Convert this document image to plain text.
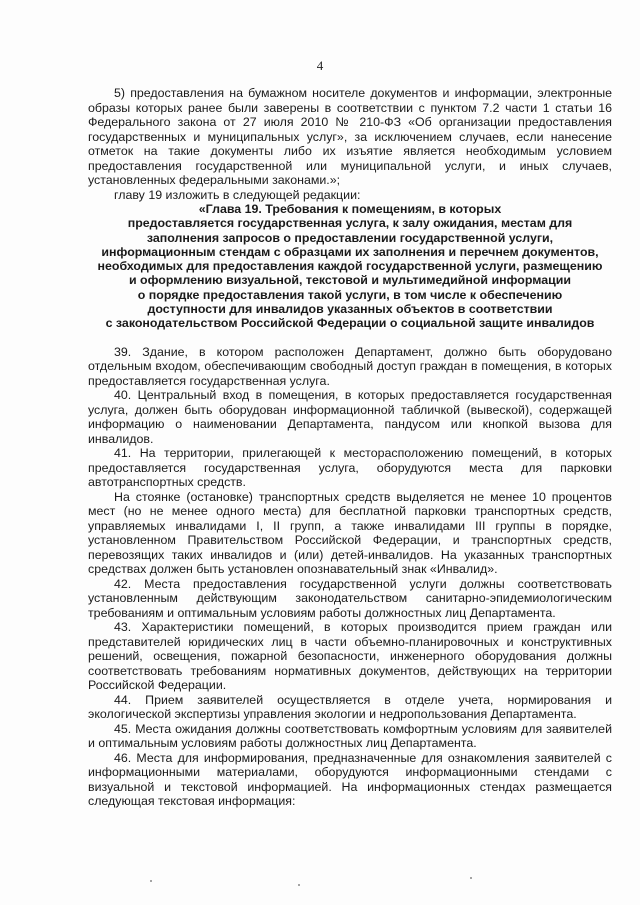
4

5) предоставления на бумажном носителе документов и информации, электронные образы которых ранее были заверены в соответствии с пунктом 7.2 части 1 статьи 16 Федерального закона от 27 июля 2010 № 210-ФЗ «Об организации предоставления государственных и муниципальных услуг», за исключением случаев, если нанесение отметок на такие документы либо их изъятие является необходимым условием предоставления государственной или муниципальной услуги, и иных случаев, установленных федеральными законами.»;

главу 19 изложить в следующей редакции:

«Глава 19. Требования к помещениям, в которых
предоставляется государственная услуга, к залу ожидания, местам для
заполнения запросов о предоставлении государственной услуги,
информационным стендам с образцами их заполнения и перечнем документов,
необходимых для предоставления каждой государственной услуги, размещению
и оформлению визуальной, текстовой и мультимедийной информации
о порядке предоставления такой услуги, в том числе к обеспечению
доступности для инвалидов указанных объектов в соответствии
с законодательством Российской Федерации о социальной защите инвалидов

39. Здание, в котором расположен Департамент, должно быть оборудовано отдельным входом, обеспечивающим свободный доступ граждан в помещения, в которых предоставляется государственная услуга.

40. Центральный вход в помещения, в которых предоставляется государственная услуга, должен быть оборудован информационной табличкой (вывеской), содержащей информацию о наименовании Департамента, пандусом или кнопкой вызова для инвалидов.

41. На территории, прилегающей к месторасположению помещений, в которых предоставляется государственная услуга, оборудуются места для парковки автотранспортных средств.

На стоянке (остановке) транспортных средств выделяется не менее 10 процентов мест (но не менее одного места) для бесплатной парковки транспортных средств, управляемых инвалидами I, II групп, а также инвалидами III группы в порядке, установленном Правительством Российской Федерации, и транспортных средств, перевозящих таких инвалидов и (или) детей-инвалидов. На указанных транспортных средствах должен быть установлен опознавательный знак «Инвалид».

42. Места предоставления государственной услуги должны соответствовать установленным действующим законодательством санитарно-эпидемиологическим требованиям и оптимальным условиям работы должностных лиц Департамента.

43. Характеристики помещений, в которых производится прием граждан или представителей юридических лиц в части объемно-планировочных и конструктивных решений, освещения, пожарной безопасности, инженерного оборудования должны соответствовать требованиям нормативных документов, действующих на территории Российской Федерации.

44. Прием заявителей осуществляется в отделе учета, нормирования и экологической экспертизы управления экологии и недропользования Департамента.

45. Места ожидания должны соответствовать комфортным условиям для заявителей и оптимальным условиям работы должностных лиц Департамента.

46. Места для информирования, предназначенные для ознакомления заявителей с информационными материалами, оборудуются информационными стендами с визуальной и текстовой информацией. На информационных стендах размещается следующая текстовая информация:
